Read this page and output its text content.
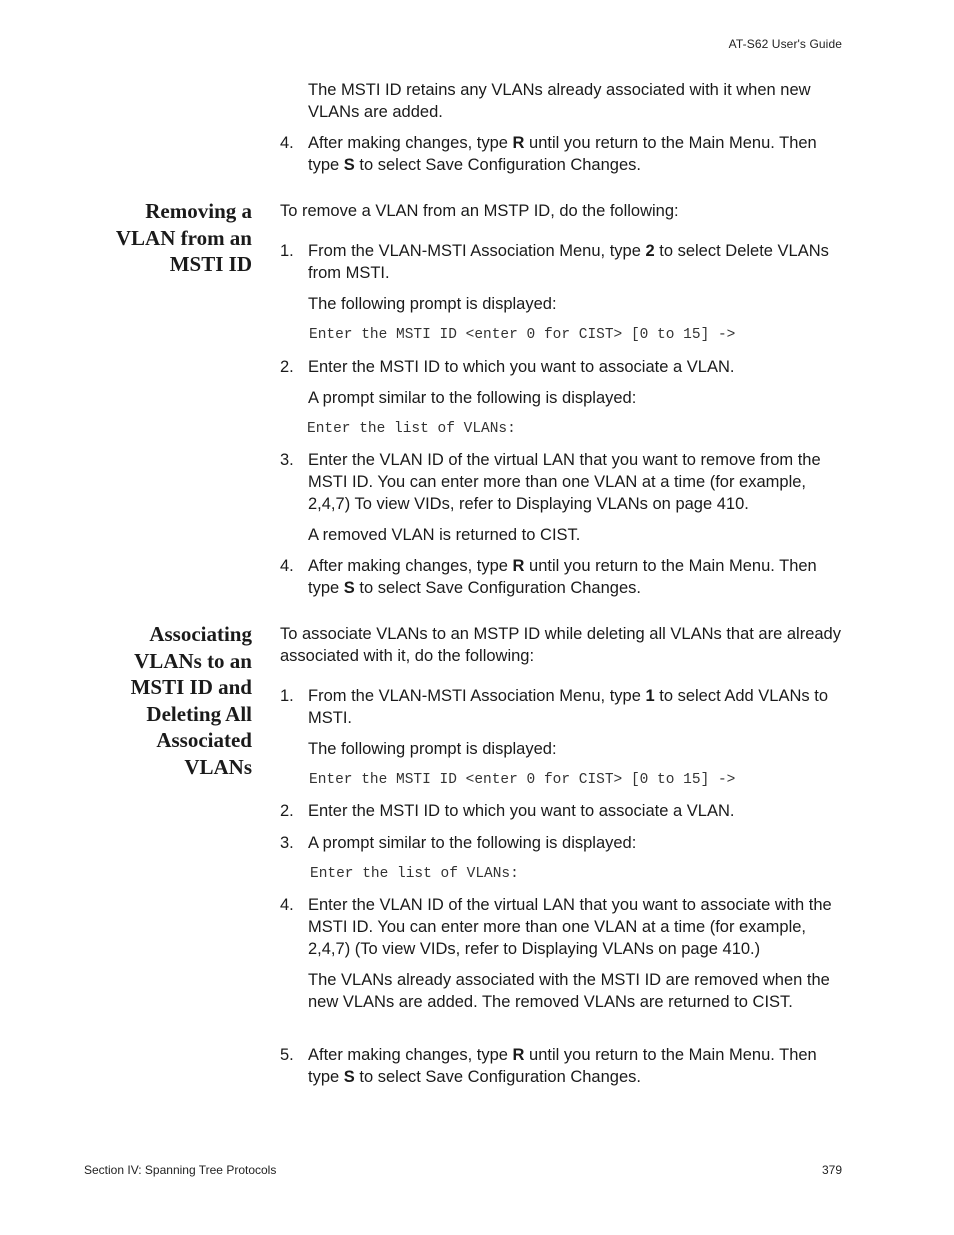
AT-S62 User's Guide

The MSTI ID retains any VLANs already associated with it when new VLANs are added.

4. After making changes, type R until you return to the Main Menu. Then type S to select Save Configuration Changes.

Removing a
VLAN from an
MSTI ID

To remove a VLAN from an MSTP ID, do the following:

1. From the VLAN-MSTI Association Menu, type 2 to select Delete VLANs from MSTI.

The following prompt is displayed:

Enter the MSTI ID <enter 0 for CIST> [0 to 15] ->
2. Enter the MSTI ID to which you want to associate a VLAN.

A prompt similar to the following is displayed:

Enter the list of VLANs:
3. Enter the VLAN ID of the virtual LAN that you want to remove from the MSTI ID. You can enter more than one VLAN at a time (for example, 2,4,7) To view VIDs, refer to Displaying VLANs on page 410.

A removed VLAN is returned to CIST.

4. After making changes, type R until you return to the Main Menu. Then type S to select Save Configuration Changes.

Associating
VLANs to an
MSTI ID and
Deleting All
Associated
VLANs

To associate VLANs to an MSTP ID while deleting all VLANs that are already associated with it, do the following:

1. From the VLAN-MSTI Association Menu, type 1 to select Add VLANs to MSTI.

The following prompt is displayed:

Enter the MSTI ID <enter 0 for CIST> [0 to 15] ->
2. Enter the MSTI ID to which you want to associate a VLAN.

3. A prompt similar to the following is displayed:

Enter the list of VLANs:
4. Enter the VLAN ID of the virtual LAN that you want to associate with the MSTI ID. You can enter more than one VLAN at a time (for example, 2,4,7) (To view VIDs, refer to Displaying VLANs on page 410.)

The VLANs already associated with the MSTI ID are removed when the new VLANs are added. The removed VLANs are returned to CIST.

5. After making changes, type R until you return to the Main Menu. Then type S to select Save Configuration Changes.

Section IV: Spanning Tree Protocols	379
